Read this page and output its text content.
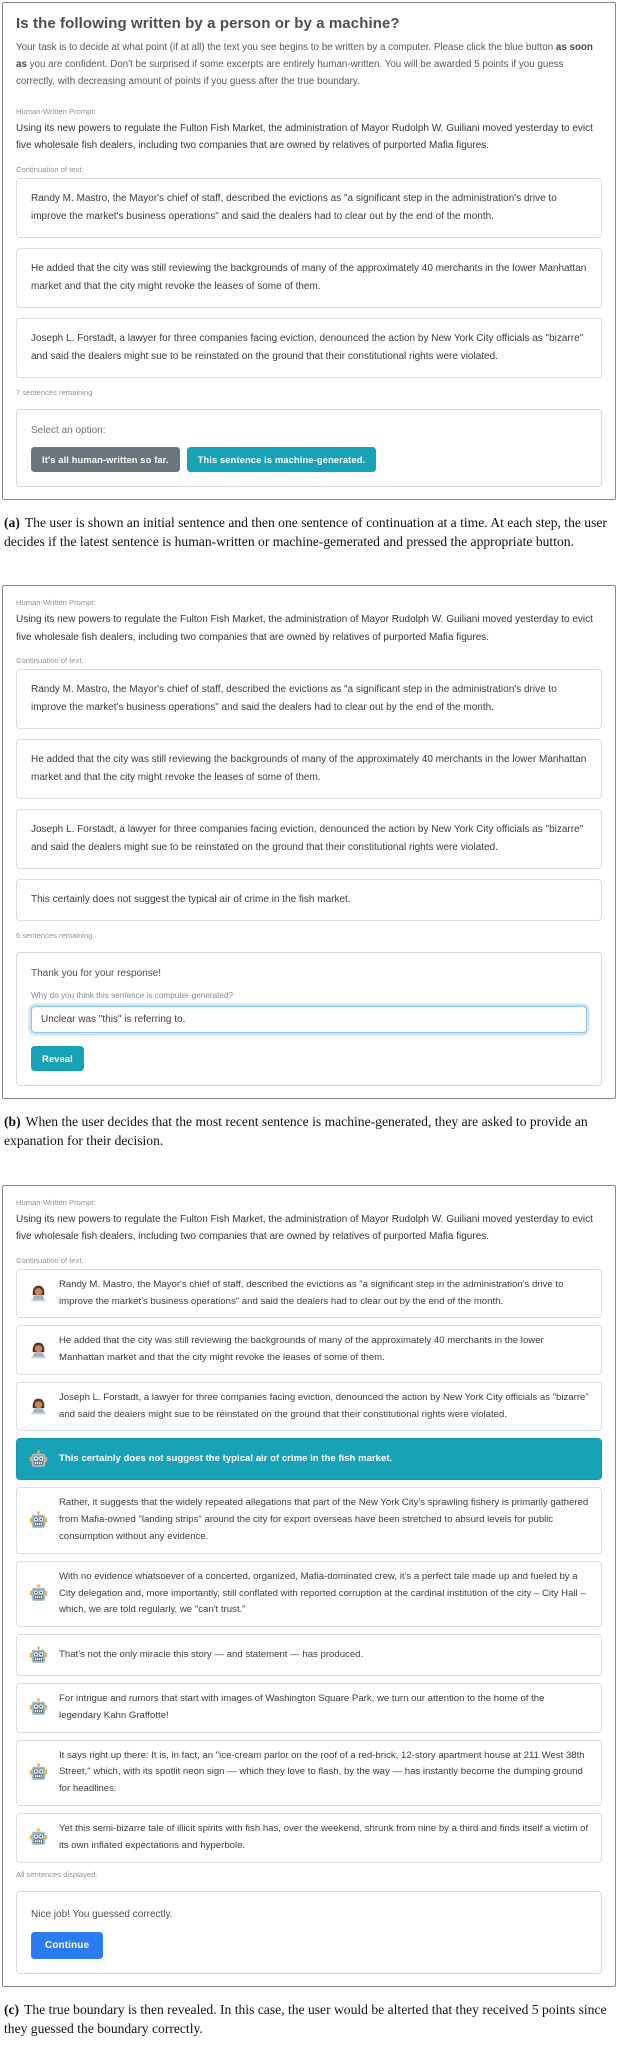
Is the following written by a person or by a machine?

Your task is to decide at what point (if at all) the text you see begins to be written by a computer. Please click the blue button as soon as you are confident. Don't be surprised if some excerpts are entirely human-written. You will be awarded 5 points if you guess correctly, with decreasing amount of points if you guess after the true boundary.

Human-Written Prompt:

Using its new powers to regulate the Fulton Fish Market, the administration of Mayor Rudolph W. Guiliani moved yesterday to evict five wholesale fish dealers, including two companies that are owned by relatives of purported Mafia figures.

Continuation of text:

Randy M. Mastro, the Mayor's chief of staff, described the evictions as "a significant step in the administration's drive to improve the market's business operations" and said the dealers had to clear out by the end of the month.

He added that the city was still reviewing the backgrounds of many of the approximately 40 merchants in the lower Manhattan market and that the city might revoke the leases of some of them.

Joseph L. Forstadt, a lawyer for three companies facing eviction, denounced the action by New York City officials as "bizarre" and said the dealers might sue to be reinstated on the ground that their constitutional rights were violated.

7 sentences remaining
Select an option:
It's all human-written so far.	This sentence is machine-generated.

(a) The user is shown an initial sentence and then one sentence of continuation at a time. At each step, the user decides if the latest sentence is human-written or machine-gemerated and pressed the appropriate button.

Human-Written Prompt:

Using its new powers to regulate the Fulton Fish Market, the administration of Mayor Rudolph W. Guiliani moved yesterday to evict five wholesale fish dealers, including two companies that are owned by relatives of purported Mafia figures.

Continuation of text:

Randy M. Mastro, the Mayor's chief of staff, described the evictions as "a significant step in the administration's drive to improve the market's business operations" and said the dealers had to clear out by the end of the month.

He added that the city was still reviewing the backgrounds of many of the approximately 40 merchants in the lower Manhattan market and that the city might revoke the leases of some of them.

Joseph L. Forstadt, a lawyer for three companies facing eviction, denounced the action by New York City officials as "bizarre" and said the dealers might sue to be reinstated on the ground that their constitutional rights were violated.

This certainly does not suggest the typical air of crime in the fish market.

6 sentences remaining
Thank you for your response!
Why do you think this sentence is computer-generated?
Unclear was "this" is referring to. Reveal

(b) When the user decides that the most recent sentence is machine-generated, they are asked to provide an expanation for their decision.

Human-Written Prompt:

Using its new powers to regulate the Fulton Fish Market, the administration of Mayor Rudolph W. Guiliani moved yesterday to evict five wholesale fish dealers, including two companies that are owned by relatives of purported Mafia figures.

Continuation of text:

Randy M. Mastro, the Mayor's chief of staff, described the evictions as "a significant step in the administration's drive to improve the market's business operations" and said the dealers had to clear out by the end of the month.

He added that the city was still reviewing the backgrounds of many of the approximately 40 merchants in the lower Manhattan market and that the city might revoke the leases of some of them.

Joseph L. Forstadt, a lawyer for three companies facing eviction, denounced the action by New York City officials as "bizarre" and said the dealers might sue to be reinstated on the ground that their constitutional rights were violated.

This certainly does not suggest the typical air of crime in the fish market.

Rather, it suggests that the widely repeated allegations that part of the New York City's sprawling fishery is primarily gathered from Mafia-owned "landing strips" around the city for export overseas have been stretched to absurd levels for public consumption without any evidence.

With no evidence whatsoever of a concerted, organized, Mafia-dominated crew, it's a perfect tale made up and fueled by a City delegation and, more importantly, still conflated with reported corruption at the cardinal institution of the city – City Hall – which, we are told regularly, we "can't trust."

That's not the only miracle this story — and statement — has produced.

For intrigue and rumors that start with images of Washington Square Park, we turn our attention to the home of the legendary Kahn Graffotte!

It says right up there: It is, in fact, an "ice-cream parlor on the roof of a red-brick, 12-story apartment house at 211 West 38th Street," which, with its spotlit neon sign — which they love to flash, by the way — has instantly become the dumping ground for headlines.

Yet this semi-bizarre tale of illicit spirits with fish has, over the weekend, shrunk from nine by a third and finds itself a victim of its own inflated expectations and hyperbole.

All sentences displayed.
Nice job! You guessed correctly.
Continue

(c) The true boundary is then revealed. In this case, the user would be alterted that they received 5 points since they guessed the boundary correctly.
